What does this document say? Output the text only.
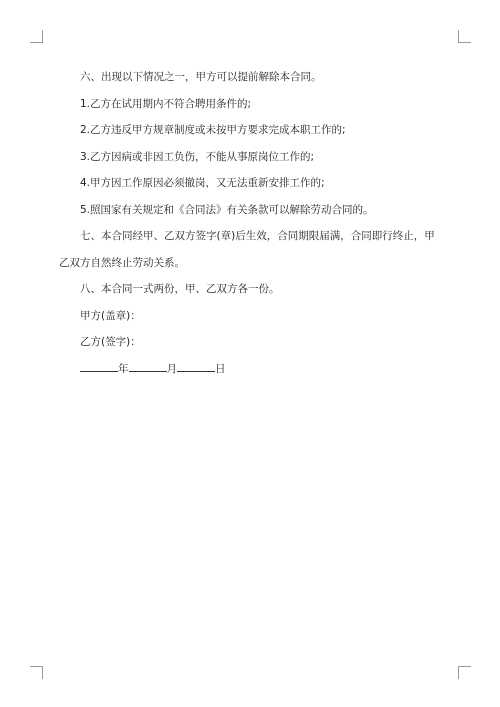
六、出现以下情况之一，甲方可以提前解除本合同。

1.乙方在试用期内不符合聘用条件的;

2.乙方违反甲方规章制度或未按甲方要求完成本职工作的;

3.乙方因病或非因工负伤，不能从事原岗位工作的;

4.甲方因工作原因必须撤岗，又无法重新安排工作的;

5.照国家有关规定和《合同法》有关条款可以解除劳动合同的。

七、本合同经甲、乙双方签字(章)后生效，合同期限届满，合同即行终止，甲乙双方自然终止劳动关系。

八、本合同一式两份，甲、乙双方各一份。

甲方(盖章)：

乙方(签字)：

年	月	日
